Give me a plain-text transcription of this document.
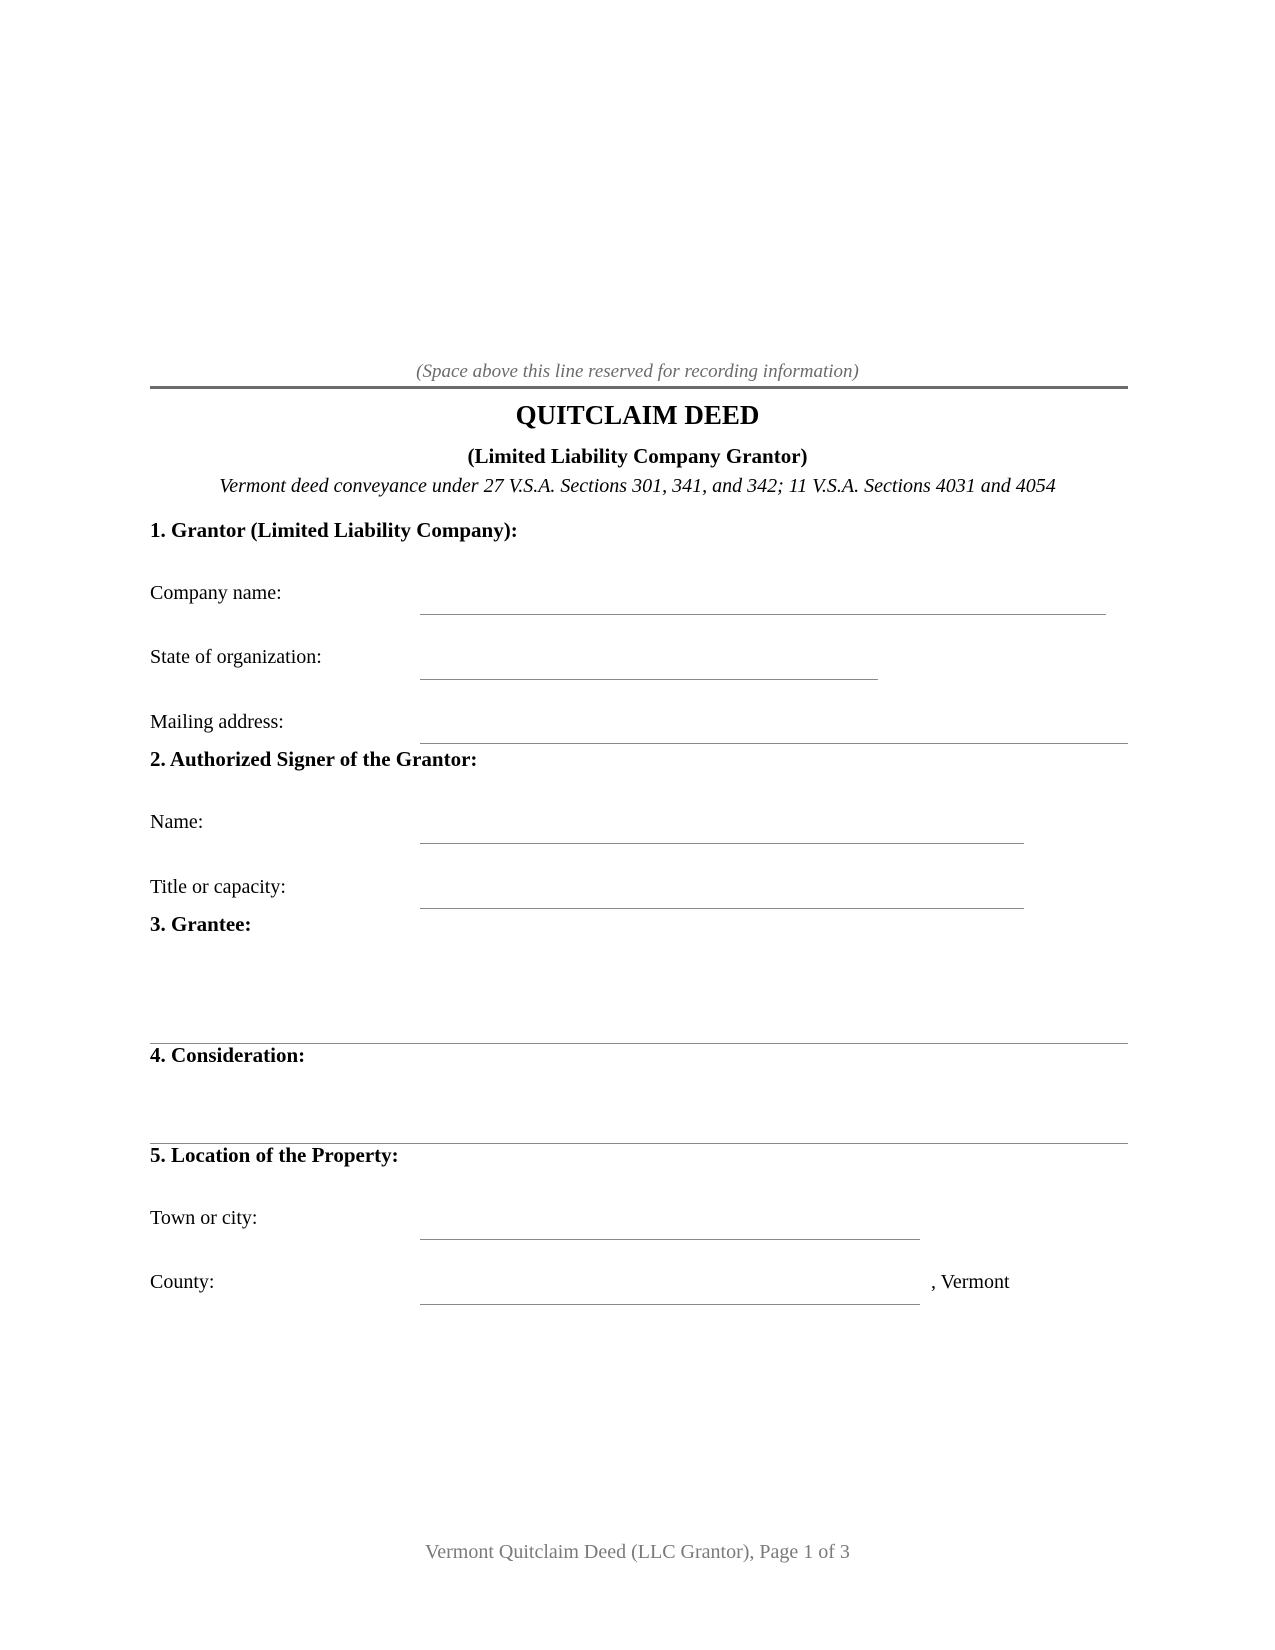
(Space above this line reserved for recording information)
QUITCLAIM DEED
(Limited Liability Company Grantor)
Vermont deed conveyance under 27 V.S.A. Sections 301, 341, and 342; 11 V.S.A. Sections 4031 and 4054
1. Grantor (Limited Liability Company):
Company name:
State of organization:
Mailing address:
2. Authorized Signer of the Grantor:
Name:
Title or capacity:
3. Grantee:
4. Consideration:
5. Location of the Property:
Town or city:
County:	, Vermont
Vermont Quitclaim Deed (LLC Grantor), Page 1 of 3
